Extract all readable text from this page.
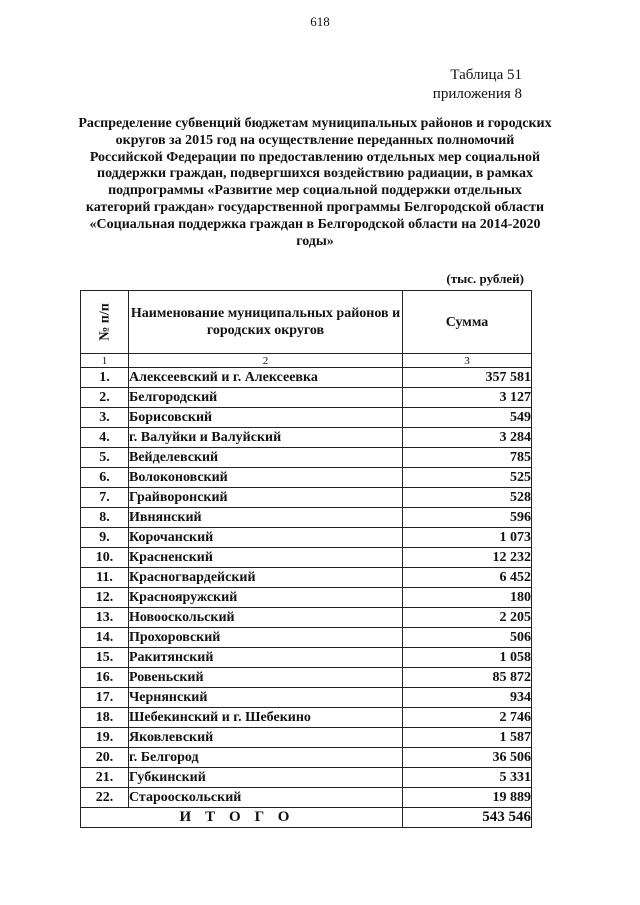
618
Таблица 51
приложения 8
Распределение субвенций бюджетам муниципальных районов и городских округов за 2015 год на осуществление переданных полномочий Российской Федерации по предоставлению отдельных мер социальной поддержки граждан, подвергшихся воздействию радиации, в рамках подпрограммы «Развитие мер социальной поддержки отдельных категорий граждан» государственной программы Белгородской области «Социальная поддержка граждан в Белгородской области на 2014-2020 годы»
(тыс. рублей)
№ п/п	Наименование муниципальных районов и городских округов	Сумма
1	2	3
1.	Алексеевский и г. Алексеевка	357 581
2.	Белгородский	3 127
3.	Борисовский	549
4.	г. Валуйки и Валуйский	3 284
5.	Вейделевский	785
6.	Волоконовский	525
7.	Грайворонский	528
8.	Ивнянский	596
9.	Корочанский	1 073
10.	Красненский	12 232
11.	Красногвардейский	6 452
12.	Краснояружский	180
13.	Новооскольский	2 205
14.	Прохоровский	506
15.	Ракитянский	1 058
16.	Ровеньский	85 872
17.	Чернянский	934
18.	Шебекинский и г. Шебекино	2 746
19.	Яковлевский	1 587
20.	г. Белгород	36 506
21.	Губкинский	5 331
22.	Старооскольский	19 889
ИТОГО		543 546
